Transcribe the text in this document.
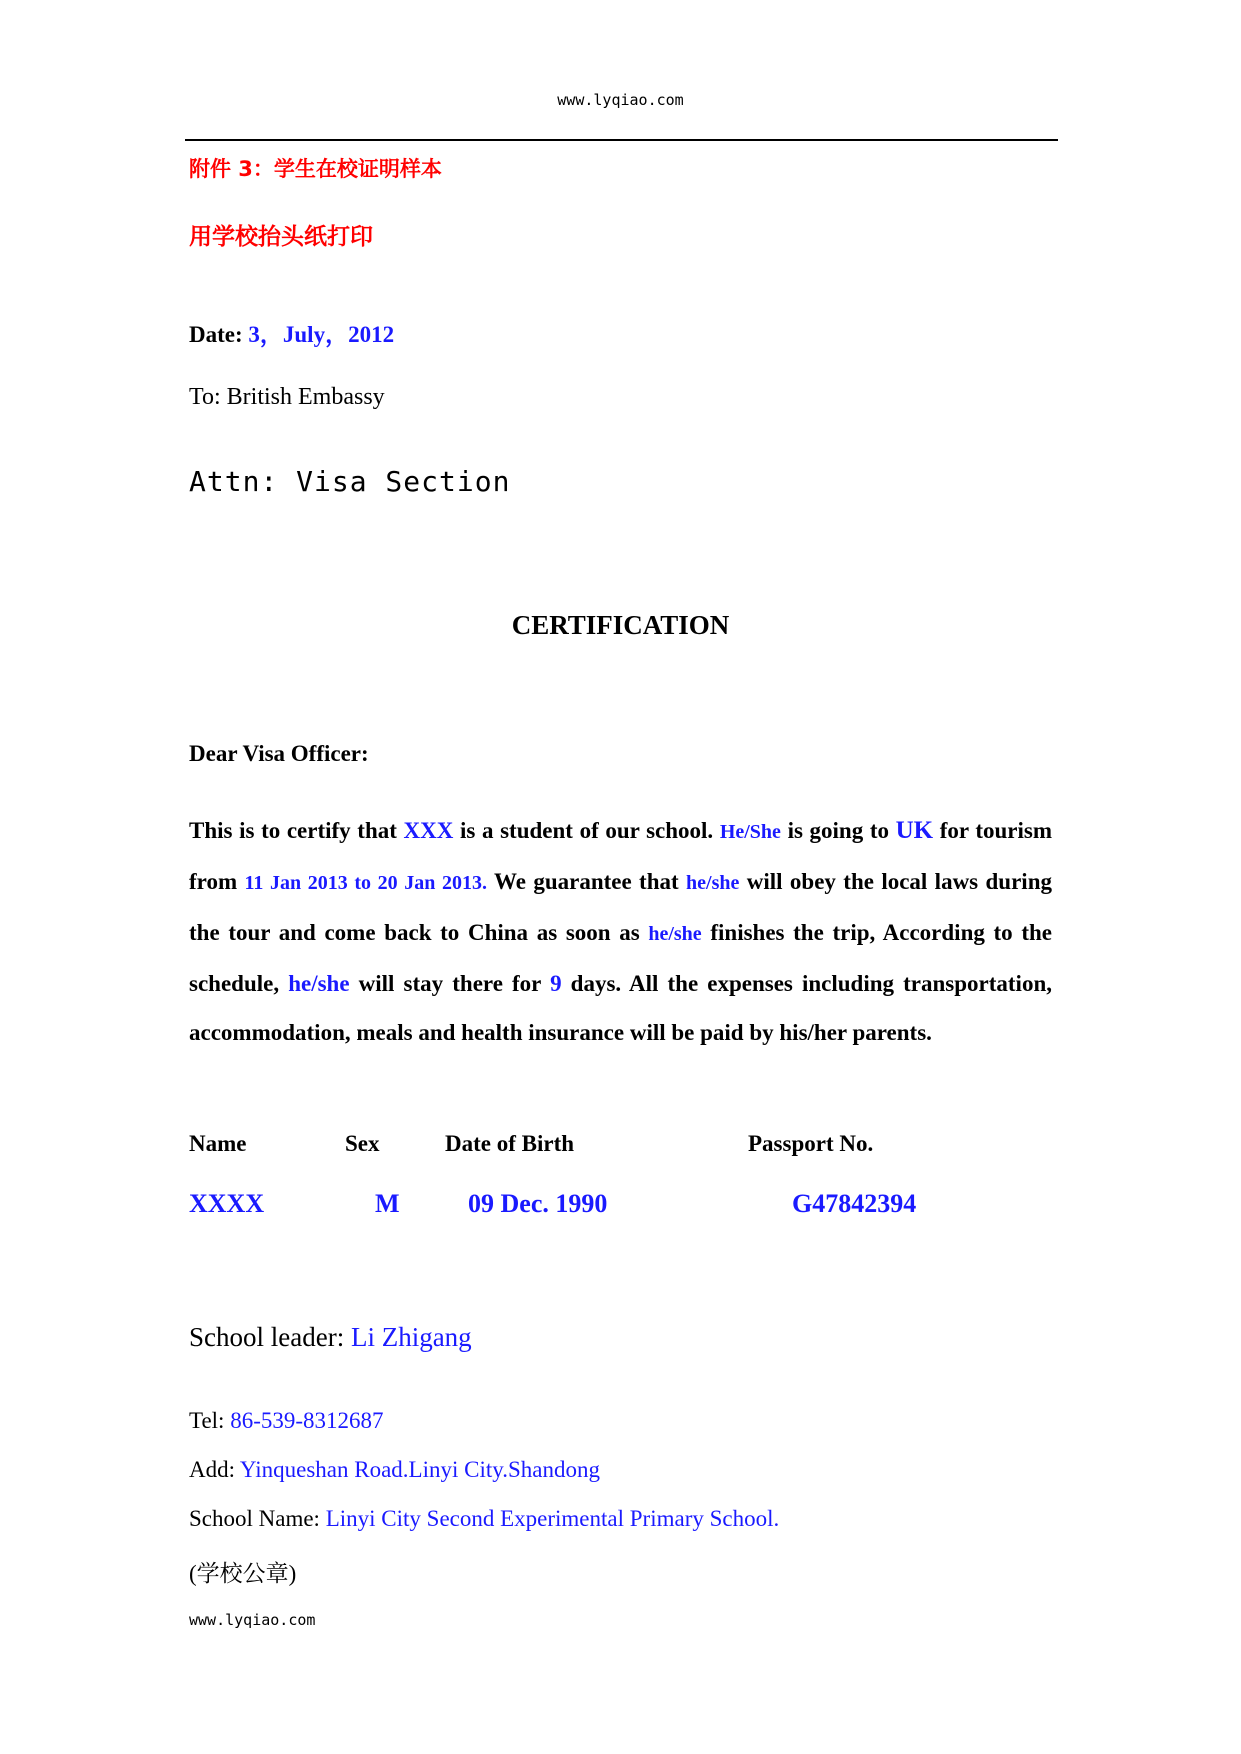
www.lyqiao.com
附件 3：学生在校证明样本
用学校抬头纸打印
Date: 3，July，2012
To: British Embassy
Attn: Visa Section
CERTIFICATION
Dear Visa Officer:
This is to certify that XXX is a student of our school. He/She is going to UK for tourism from 11 Jan 2013 to 20 Jan 2013. We guarantee that he/she will obey the local laws during the tour and come back to China as soon as he/she finishes the trip, According to the schedule, he/she will stay there for 9 days. All the expenses including transportation, accommodation, meals and health insurance will be paid by his/her parents.
Name	Sex	Date of Birth	Passport No.
XXXX	M	09 Dec. 1990	G47842394
School leader: Li Zhigang
Tel: 86-539-8312687
Add: Yinqueshan Road.Linyi City.Shandong
School Name: Linyi City Second Experimental Primary School.
(学校公章)
www.lyqiao.com
